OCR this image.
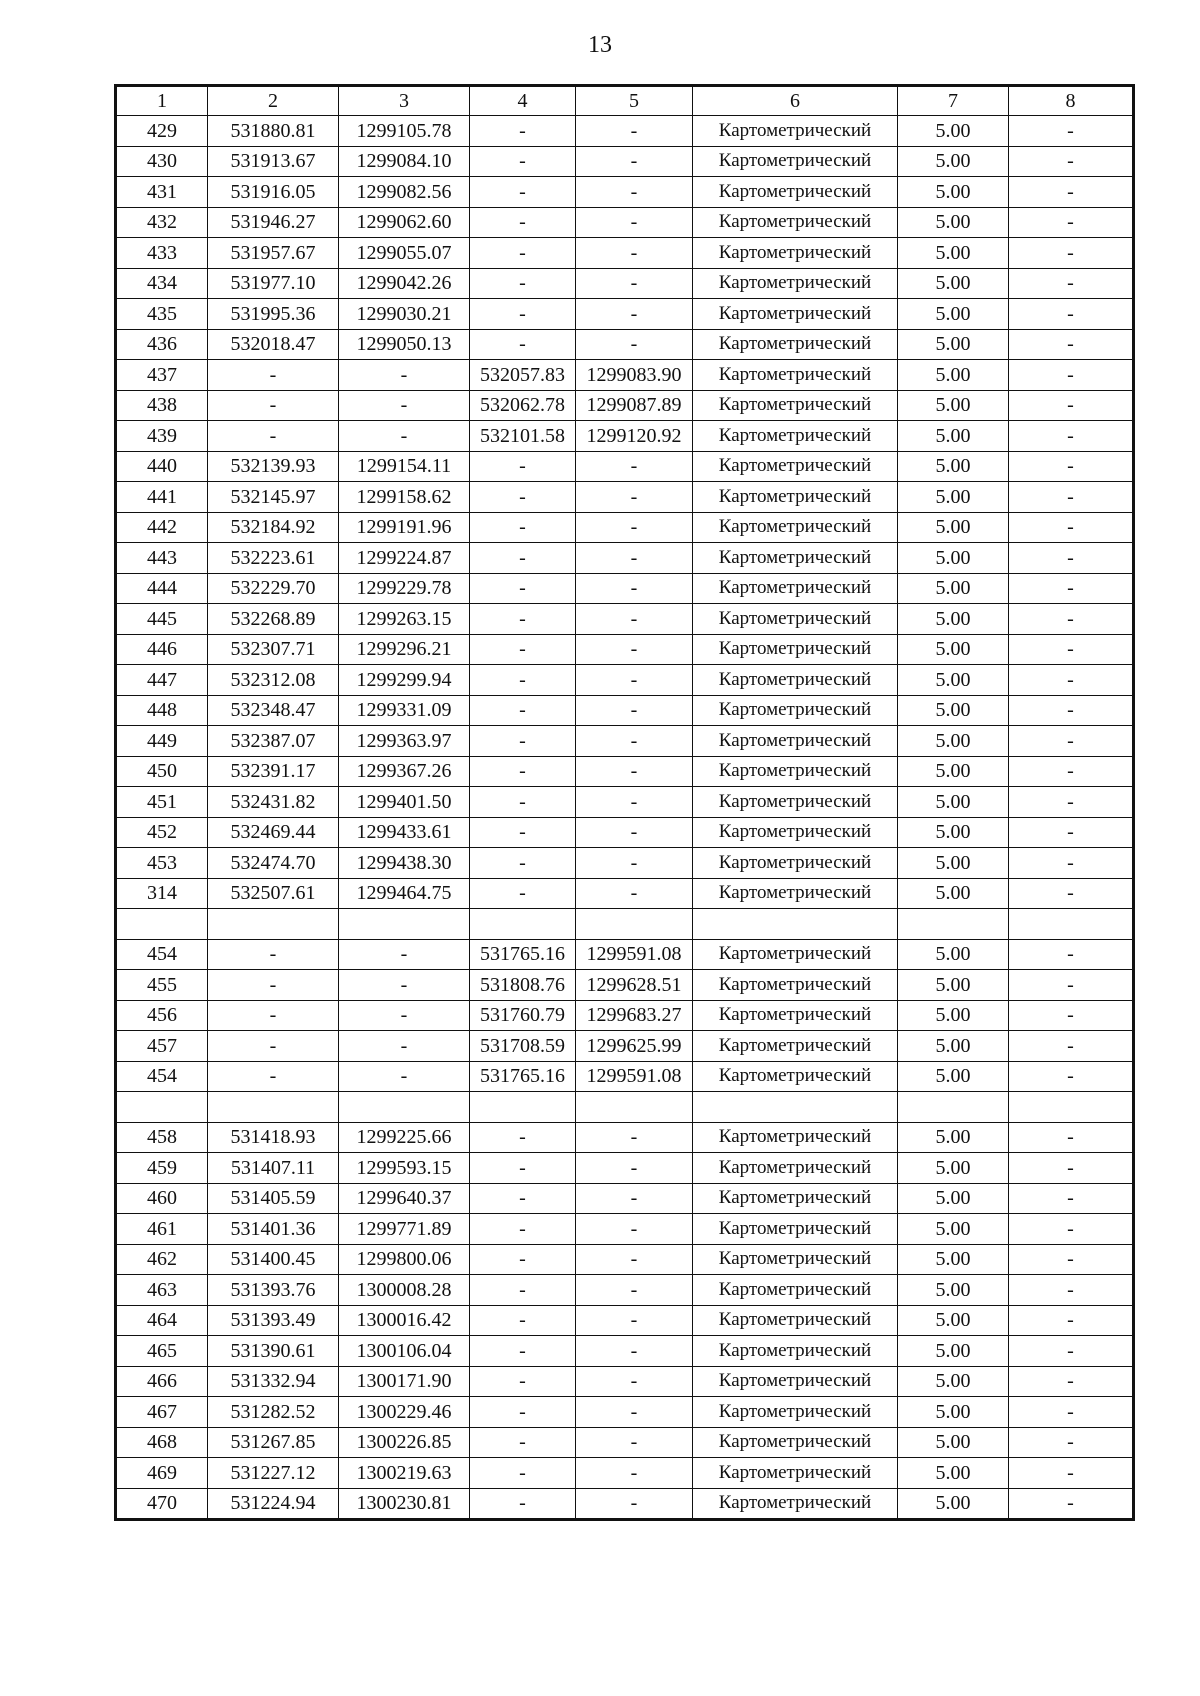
13
1	2	3	4	5	6	7	8
429	531880.81	1299105.78	-	-	Картометрический	5.00	-
430	531913.67	1299084.10	-	-	Картометрический	5.00	-
431	531916.05	1299082.56	-	-	Картометрический	5.00	-
432	531946.27	1299062.60	-	-	Картометрический	5.00	-
433	531957.67	1299055.07	-	-	Картометрический	5.00	-
434	531977.10	1299042.26	-	-	Картометрический	5.00	-
435	531995.36	1299030.21	-	-	Картометрический	5.00	-
436	532018.47	1299050.13	-	-	Картометрический	5.00	-
437	-	-	532057.83	1299083.90	Картометрический	5.00	-
438	-	-	532062.78	1299087.89	Картометрический	5.00	-
439	-	-	532101.58	1299120.92	Картометрический	5.00	-
440	532139.93	1299154.11	-	-	Картометрический	5.00	-
441	532145.97	1299158.62	-	-	Картометрический	5.00	-
442	532184.92	1299191.96	-	-	Картометрический	5.00	-
443	532223.61	1299224.87	-	-	Картометрический	5.00	-
444	532229.70	1299229.78	-	-	Картометрический	5.00	-
445	532268.89	1299263.15	-	-	Картометрический	5.00	-
446	532307.71	1299296.21	-	-	Картометрический	5.00	-
447	532312.08	1299299.94	-	-	Картометрический	5.00	-
448	532348.47	1299331.09	-	-	Картометрический	5.00	-
449	532387.07	1299363.97	-	-	Картометрический	5.00	-
450	532391.17	1299367.26	-	-	Картометрический	5.00	-
451	532431.82	1299401.50	-	-	Картометрический	5.00	-
452	532469.44	1299433.61	-	-	Картометрический	5.00	-
453	532474.70	1299438.30	-	-	Картометрический	5.00	-
314	532507.61	1299464.75	-	-	Картометрический	5.00	-

454	-	-	531765.16	1299591.08	Картометрический	5.00	-
455	-	-	531808.76	1299628.51	Картометрический	5.00	-
456	-	-	531760.79	1299683.27	Картометрический	5.00	-
457	-	-	531708.59	1299625.99	Картометрический	5.00	-
454	-	-	531765.16	1299591.08	Картометрический	5.00	-

458	531418.93	1299225.66	-	-	Картометрический	5.00	-
459	531407.11	1299593.15	-	-	Картометрический	5.00	-
460	531405.59	1299640.37	-	-	Картометрический	5.00	-
461	531401.36	1299771.89	-	-	Картометрический	5.00	-
462	531400.45	1299800.06	-	-	Картометрический	5.00	-
463	531393.76	1300008.28	-	-	Картометрический	5.00	-
464	531393.49	1300016.42	-	-	Картометрический	5.00	-
465	531390.61	1300106.04	-	-	Картометрический	5.00	-
466	531332.94	1300171.90	-	-	Картометрический	5.00	-
467	531282.52	1300229.46	-	-	Картометрический	5.00	-
468	531267.85	1300226.85	-	-	Картометрический	5.00	-
469	531227.12	1300219.63	-	-	Картометрический	5.00	-
470	531224.94	1300230.81	-	-	Картометрический	5.00	-
